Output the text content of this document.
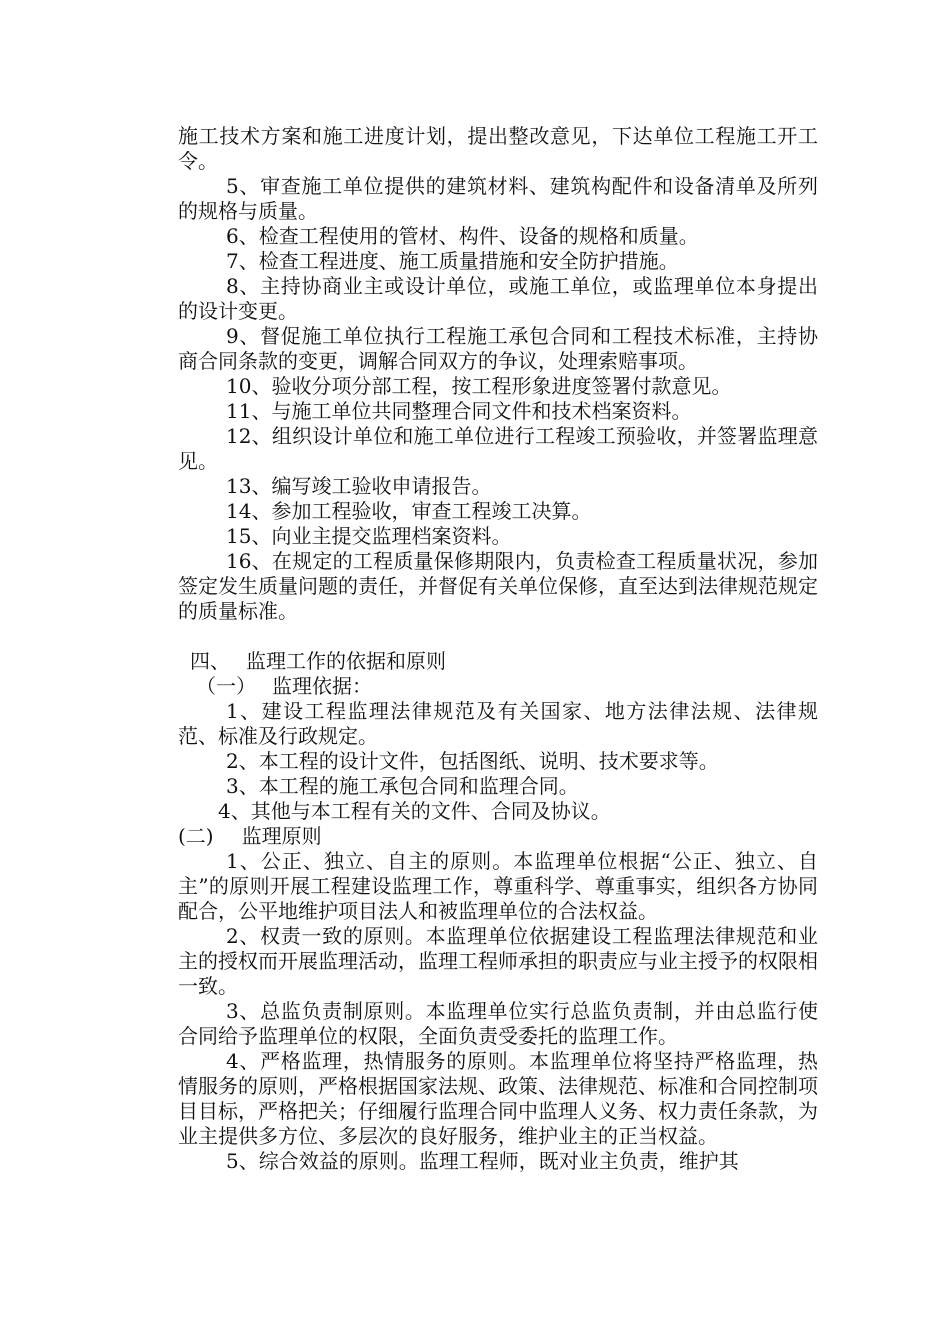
施工技术方案和施工进度计划，提出整改意见，下达单位工程施工开工令。

5、审查施工单位提供的建筑材料、建筑构配件和设备清单及所列的规格与质量。

6、检查工程使用的管材、构件、设备的规格和质量。

7、检查工程进度、施工质量措施和安全防护措施。

8、主持协商业主或设计单位，或施工单位，或监理单位本身提出的设计变更。

9、督促施工单位执行工程施工承包合同和工程技术标准，主持协商合同条款的变更，调解合同双方的争议，处理索赔事项。

10、验收分项分部工程，按工程形象进度签署付款意见。

11、与施工单位共同整理合同文件和技术档案资料。

12、组织设计单位和施工单位进行工程竣工预验收，并签署监理意见。

13、编写竣工验收申请报告。

14、参加工程验收，审查工程竣工决算。

15、向业主提交监理档案资料。

16、在规定的工程质量保修期限内，负责检查工程质量状况，参加签定发生质量问题的责任，并督促有关单位保修，直至达到法律规范规定的质量标准。

四、 监理工作的依据和原则

（一） 监理依据：

1、建设工程监理法律规范及有关国家、地方法律法规、法律规范、标准及行政规定。

2、本工程的设计文件，包括图纸、说明、技术要求等。

3、本工程的施工承包合同和监理合同。

4、其他与本工程有关的文件、合同及协议。

(二) 监理原则

1、公正、独立、自主的原则。本监理单位根据“公正、独立、自主”的原则开展工程建设监理工作，尊重科学、尊重事实，组织各方协同配合，公平地维护项目法人和被监理单位的合法权益。

2、权责一致的原则。本监理单位依据建设工程监理法律规范和业主的授权而开展监理活动，监理工程师承担的职责应与业主授予的权限相一致。

3、总监负责制原则。本监理单位实行总监负责制，并由总监行使合同给予监理单位的权限，全面负责受委托的监理工作。

4、严格监理，热情服务的原则。本监理单位将坚持严格监理，热情服务的原则，严格根据国家法规、政策、法律规范、标准和合同控制项目目标，严格把关；仔细履行监理合同中监理人义务、权力责任条款，为业主提供多方位、多层次的良好服务，维护业主的正当权益。

5、综合效益的原则。监理工程师，既对业主负责，维护其
